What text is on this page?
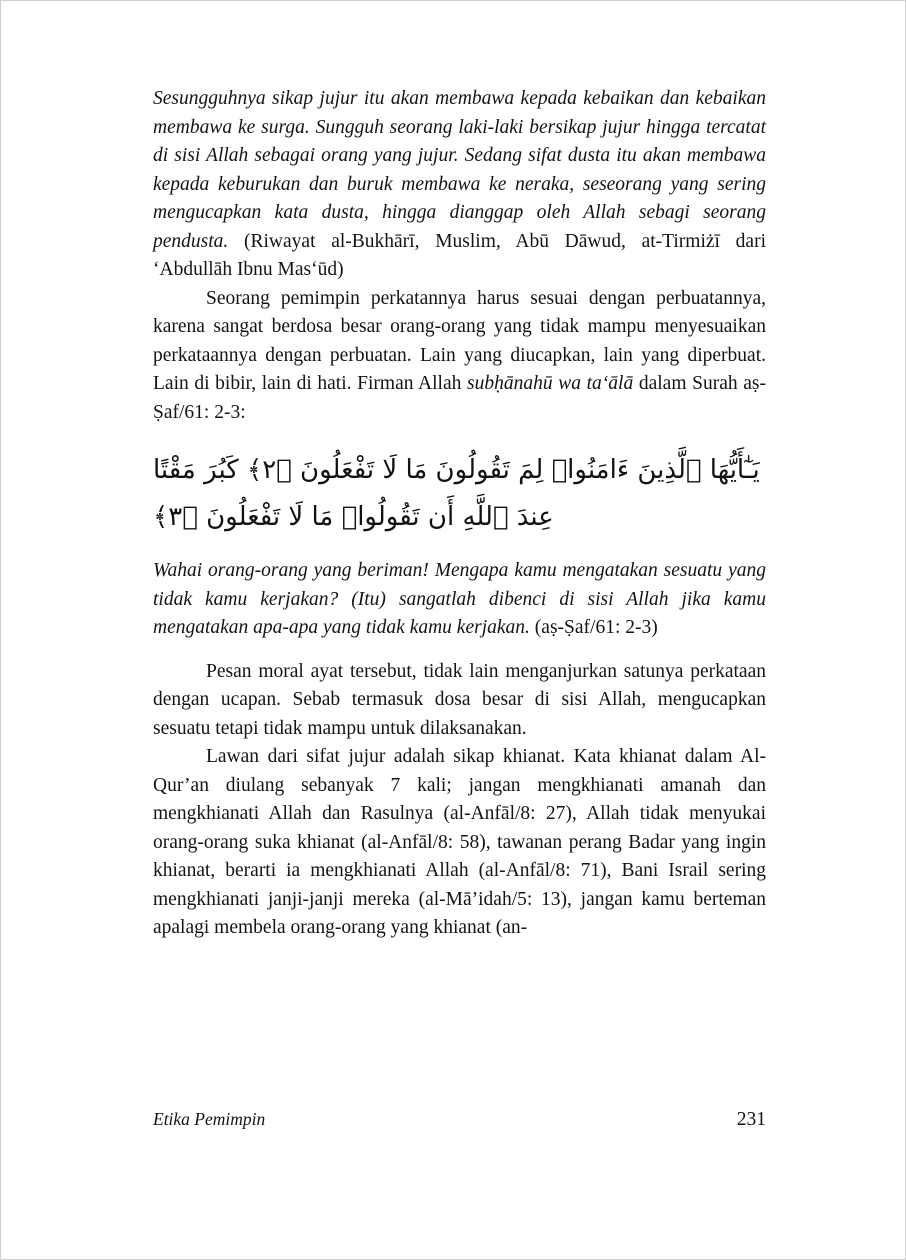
Sesungguhnya sikap jujur itu akan membawa kepada kebaikan dan kebaikan membawa ke surga. Sungguh seorang laki-laki bersikap jujur hingga tercatat di sisi Allah sebagai orang yang jujur. Sedang sifat dusta itu akan membawa kepada keburukan dan buruk membawa ke neraka, seseorang yang sering mengucapkan kata dusta, hingga dianggap oleh Allah sebagi seorang pendusta. (Riwayat al-Bukhārī, Muslim, Abū Dāwud, at-Tirmiżī dari ‘Abdullāh Ibnu Mas‘ūd)

Seorang pemimpin perkatannya harus sesuai dengan perbuatannya, karena sangat berdosa besar orang-orang yang tidak mampu menyesuaikan perkataannya dengan perbuatan. Lain yang diucapkan, lain yang diperbuat. Lain di bibir, lain di hati. Firman Allah subḥānahū wa ta‘ālā dalam Surah aṣ-Ṣaf/61: 2-3:

يَـٰٓأَيُّهَا ٱلَّذِينَ ءَامَنُوا۟ لِمَ تَقُولُونَ مَا لَا تَفْعَلُونَ ﴿٢﴾ كَبُرَ مَقْتًا
عِندَ ٱللَّهِ أَن تَقُولُوا۟ مَا لَا تَفْعَلُونَ ﴿٣﴾

Wahai orang-orang yang beriman! Mengapa kamu mengatakan sesuatu yang tidak kamu kerjakan? (Itu) sangatlah dibenci di sisi Allah jika kamu mengatakan apa-apa yang tidak kamu kerjakan. (aṣ-Ṣaf/61: 2-3)

Pesan moral ayat tersebut, tidak lain menganjurkan satunya perkataan dengan ucapan. Sebab termasuk dosa besar di sisi Allah, mengucapkan sesuatu tetapi tidak mampu untuk dilaksanakan.

Lawan dari sifat jujur adalah sikap khianat. Kata khianat dalam Al-Qur’an diulang sebanyak 7 kali; jangan mengkhianati amanah dan mengkhianati Allah dan Rasulnya (al-Anfāl/8: 27), Allah tidak menyukai orang-orang suka khianat (al-Anfāl/8: 58), tawanan perang Badar yang ingin khianat, berarti ia mengkhianati Allah (al-Anfāl/8: 71), Bani Israil sering mengkhianati janji-janji mereka (al-Mā’idah/5: 13), jangan kamu berteman apalagi membela orang-orang yang khianat (an-

Etika Pemimpin	231
